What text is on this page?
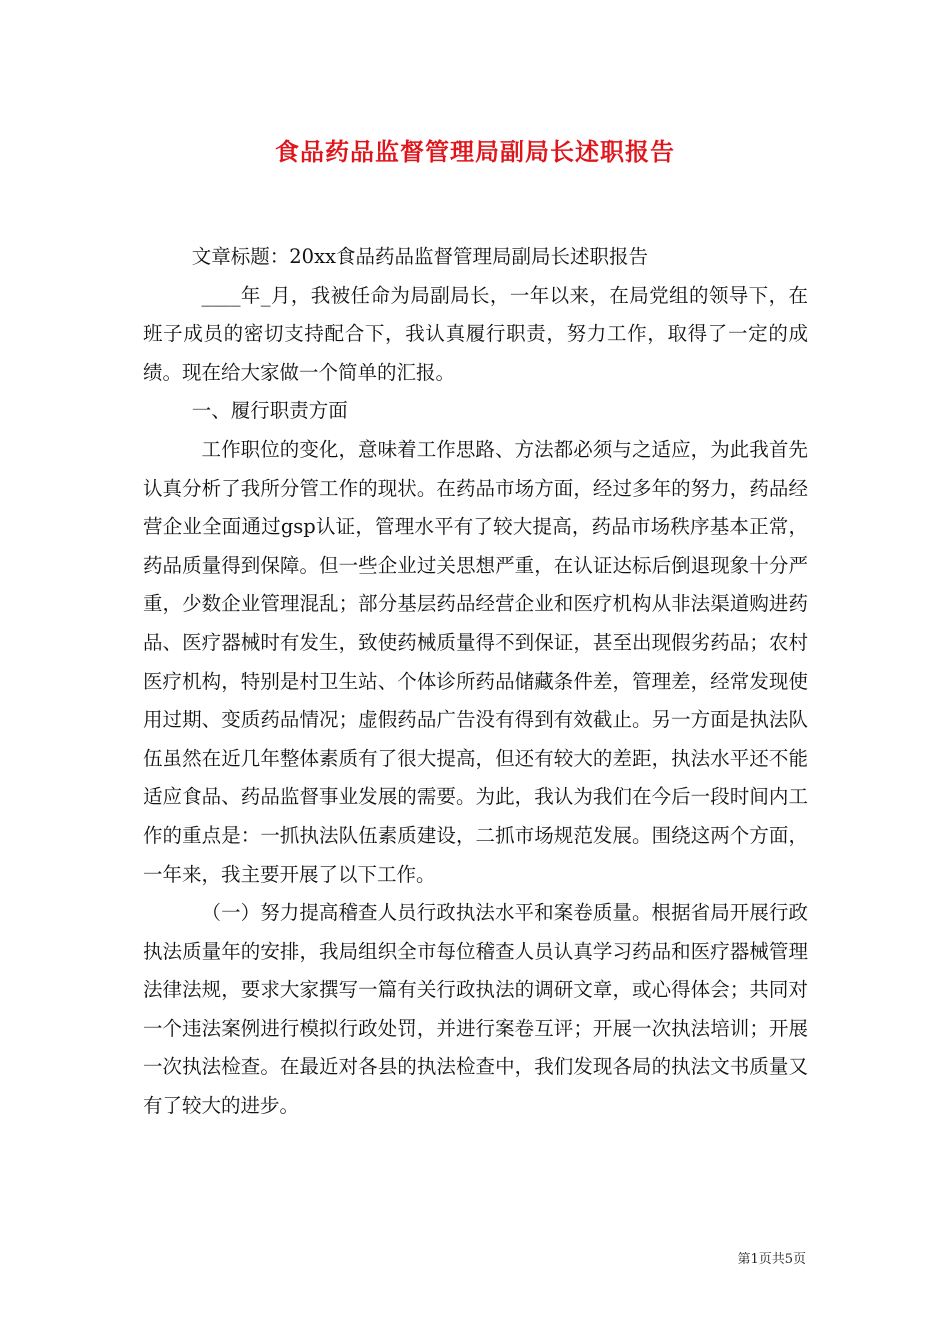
食品药品监督管理局副局长述职报告

文章标题：20xx食品药品监督管理局副局长述职报告

____年_月，我被任命为局副局长，一年以来，在局党组的领导下，在班子成员的密切支持配合下，我认真履行职责，努力工作，取得了一定的成绩。现在给大家做一个简单的汇报。

一、履行职责方面

工作职位的变化，意味着工作思路、方法都必须与之适应，为此我首先认真分析了我所分管工作的现状。在药品市场方面，经过多年的努力，药品经营企业全面通过gsp认证，管理水平有了较大提高，药品市场秩序基本正常，药品质量得到保障。但一些企业过关思想严重，在认证达标后倒退现象十分严重，少数企业管理混乱；部分基层药品经营企业和医疗机构从非法渠道购进药品、医疗器械时有发生，致使药械质量得不到保证，甚至出现假劣药品；农村医疗机构，特别是村卫生站、个体诊所药品储藏条件差，管理差，经常发现使用过期、变质药品情况；虚假药品广告没有得到有效截止。另一方面是执法队伍虽然在近几年整体素质有了很大提高，但还有较大的差距，执法水平还不能适应食品、药品监督事业发展的需要。为此，我认为我们在今后一段时间内工作的重点是：一抓执法队伍素质建设，二抓市场规范发展。围绕这两个方面，一年来，我主要开展了以下工作。

（一）努力提高稽查人员行政执法水平和案卷质量。根据省局开展行政执法质量年的安排，我局组织全市每位稽查人员认真学习药品和医疗器械管理法律法规，要求大家撰写一篇有关行政执法的调研文章，或心得体会；共同对一个违法案例进行模拟行政处罚，并进行案卷互评；开展一次执法培训；开展一次执法检查。在最近对各县的执法检查中，我们发现各局的执法文书质量又有了较大的进步。

第1页共5页
